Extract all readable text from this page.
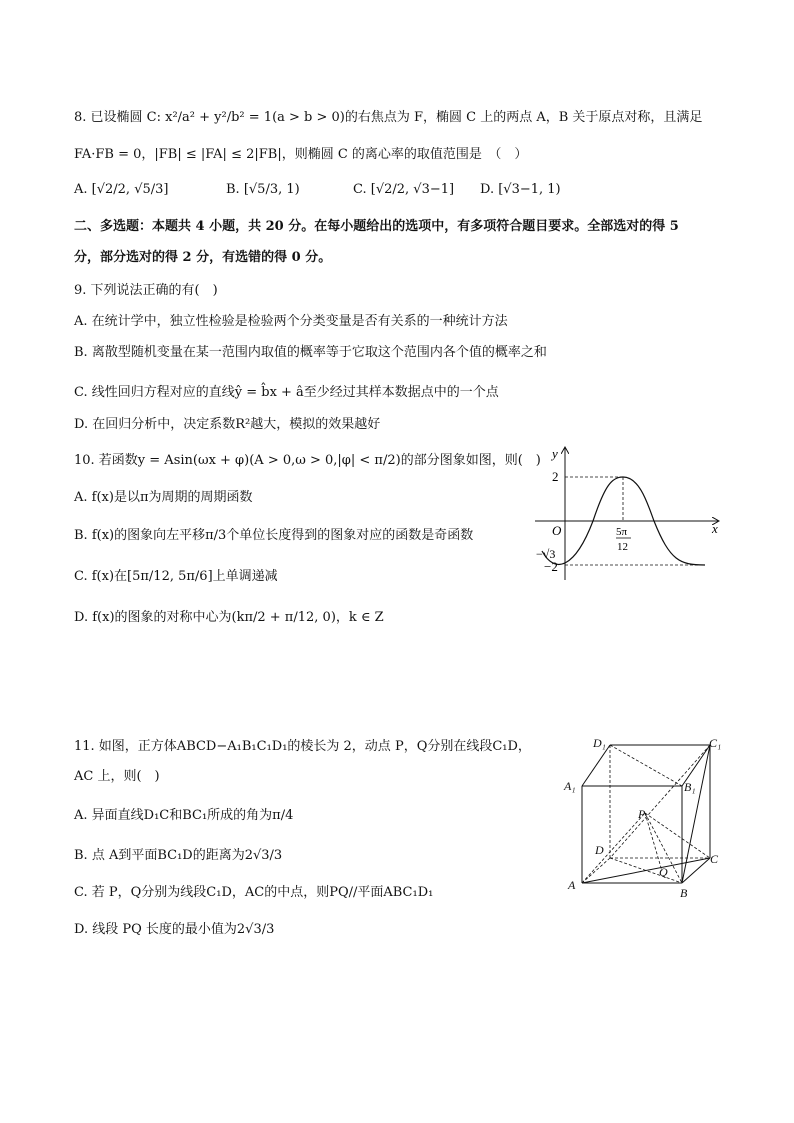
8. 已设椭圆 C: x²/a² + y²/b² = 1(a > b > 0)的右焦点为 F，椭圆 C 上的两点 A，B 关于原点对称，且满足
FA·FB = 0，|FB| ≤ |FA| ≤ 2|FB|，则椭圆 C 的离心率的取值范围是　（　）
A. [√2/2, √5/3]	B. [√5/3, 1)	C. [√2/2, √3−1] D. [√3−1, 1)
二、多选题：本题共 4 小题，共 20 分。在每小题给出的选项中，有多项符合题目要求。全部选对的得 5
分，部分选对的得 2 分，有选错的得 0 分。
9. 下列说法正确的有(　)
A. 在统计学中，独立性检验是检验两个分类变量是否有关系的一种统计方法
B. 离散型随机变量在某一范围内取值的概率等于它取这个范围内各个值的概率之和
C. 线性回归方程对应的直线ŷ = b̂x + â至少经过其样本数据点中的一个点
D. 在回归分析中，决定系数R²越大，模拟的效果越好
10. 若函数y = Asin(ωx + φ)(A > 0,ω > 0,|φ| < π/2)的部分图象如图，则(　)
A. f(x)是以π为周期的周期函数
B. f(x)的图象向左平移π/3个单位长度得到的图象对应的函数是奇函数
C. f(x)在[5π/12, 5π/6]上单调递减
D. f(x)的图象的对称中心为(kπ/2 + π/12, 0)，k ∈ Z
y
x
O
2
−2
−√3
5π
12
11. 如图，正方体ABCD−A₁B₁C₁D₁的棱长为 2，动点 P，Q分别在线段C₁D，
AC 上，则(　)
A. 异面直线D₁C和BC₁所成的角为π/4
B. 点 A到平面BC₁D的距离为2√3/3
C. 若 P，Q分别为线段C₁D，AC的中点，则PQ//平面ABC₁D₁
D. 线段 PQ 长度的最小值为2√3/3
D₁	C₁
A₁	B₁
P
D
C
Q
A
B
